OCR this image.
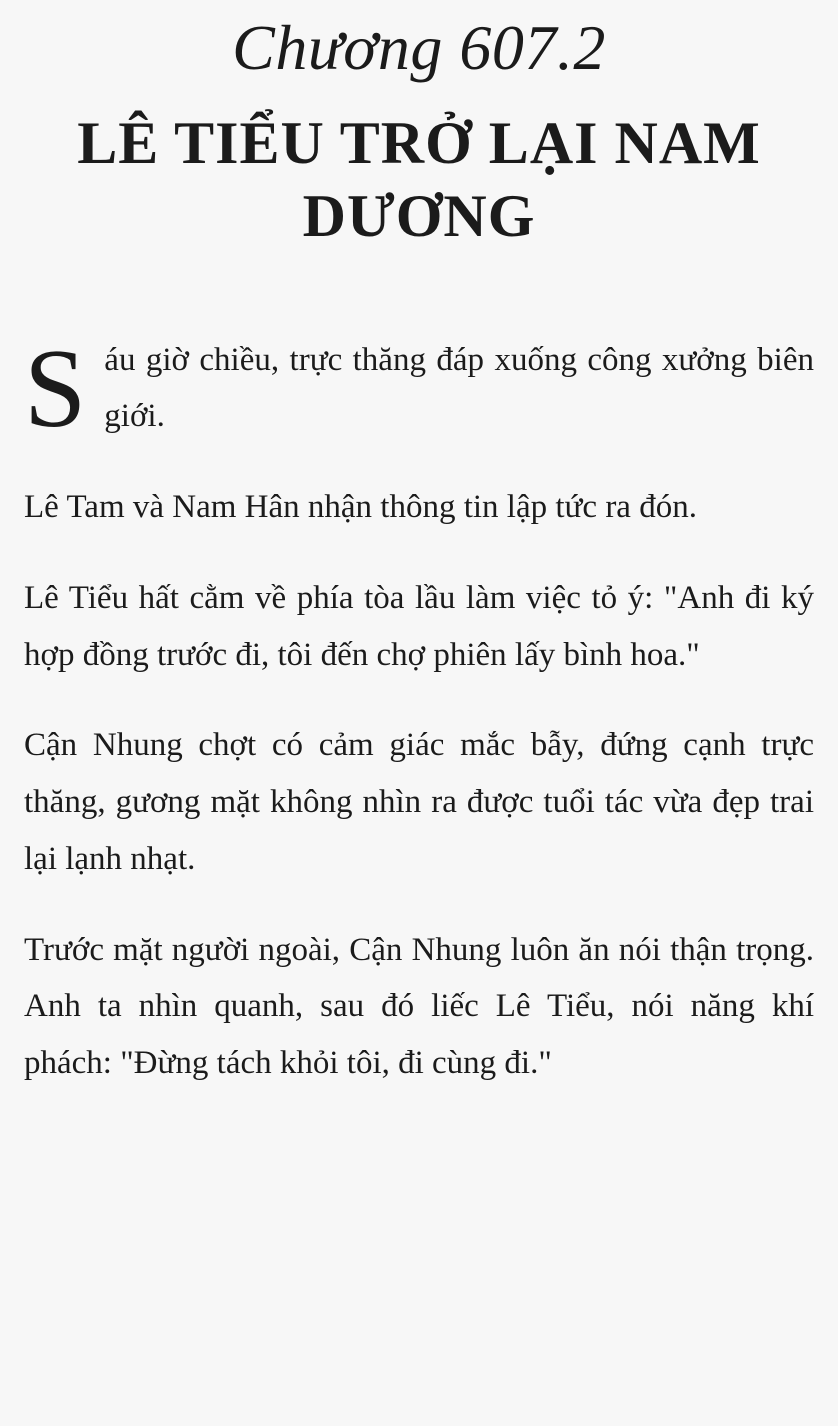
Chương 607.2
LÊ TIỂU TRỞ LẠI NAM DƯƠNG

Sáu giờ chiều, trực thăng đáp xuống công xưởng biên giới.

Lê Tam và Nam Hân nhận thông tin lập tức ra đón.

Lê Tiểu hất cằm về phía tòa lầu làm việc tỏ ý: "Anh đi ký hợp đồng trước đi, tôi đến chợ phiên lấy bình hoa."

Cận Nhung chợt có cảm giác mắc bẫy, đứng cạnh trực thăng, gương mặt không nhìn ra được tuổi tác vừa đẹp trai lại lạnh nhạt.

Trước mặt người ngoài, Cận Nhung luôn ăn nói thận trọng. Anh ta nhìn quanh, sau đó liếc Lê Tiểu, nói năng khí phách: "Đừng tách khỏi tôi, đi cùng đi."
